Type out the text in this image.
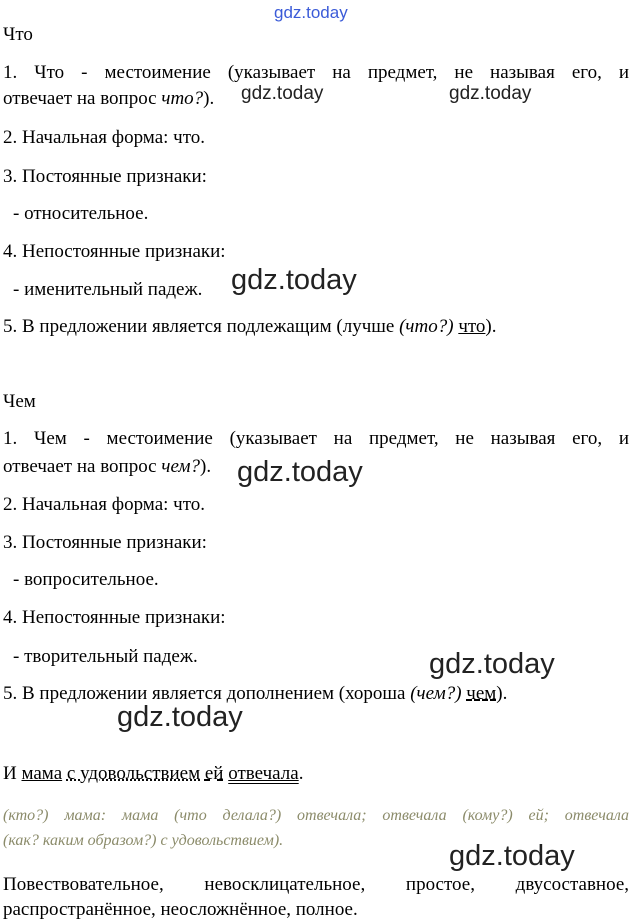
gdz.today
gdz.today	gdz.today
gdz.today
gdz.today
gdz.today
gdz.today
gdz.today
Что
1. Что - местоимение (указывает на предмет, не называя его, и
отвечает на вопрос что?).
2. Начальная форма: что.
3. Постоянные признаки:
- относительное.
4. Непостоянные признаки:
- именительный падеж.
5. В предложении является подлежащим (лучше (что?) что).
Чем
1. Чем - местоимение (указывает на предмет, не называя его, и
отвечает на вопрос чем?).
2. Начальная форма: что.
3. Постоянные признаки:
- вопросительное.
4. Непостоянные признаки:
- творительный падеж.
5. В предложении является дополнением (хороша (чем?) чем).
И мама с удовольствием ей отвечала.
(кто?) мама: мама (что делала?) отвечала; отвечала (кому?) ей; отвечала
(как? каким образом?) с удовольствием).
Повествовательное, невосклицательное, простое, двусоставное,
распространённое, неосложнённое, полное.
